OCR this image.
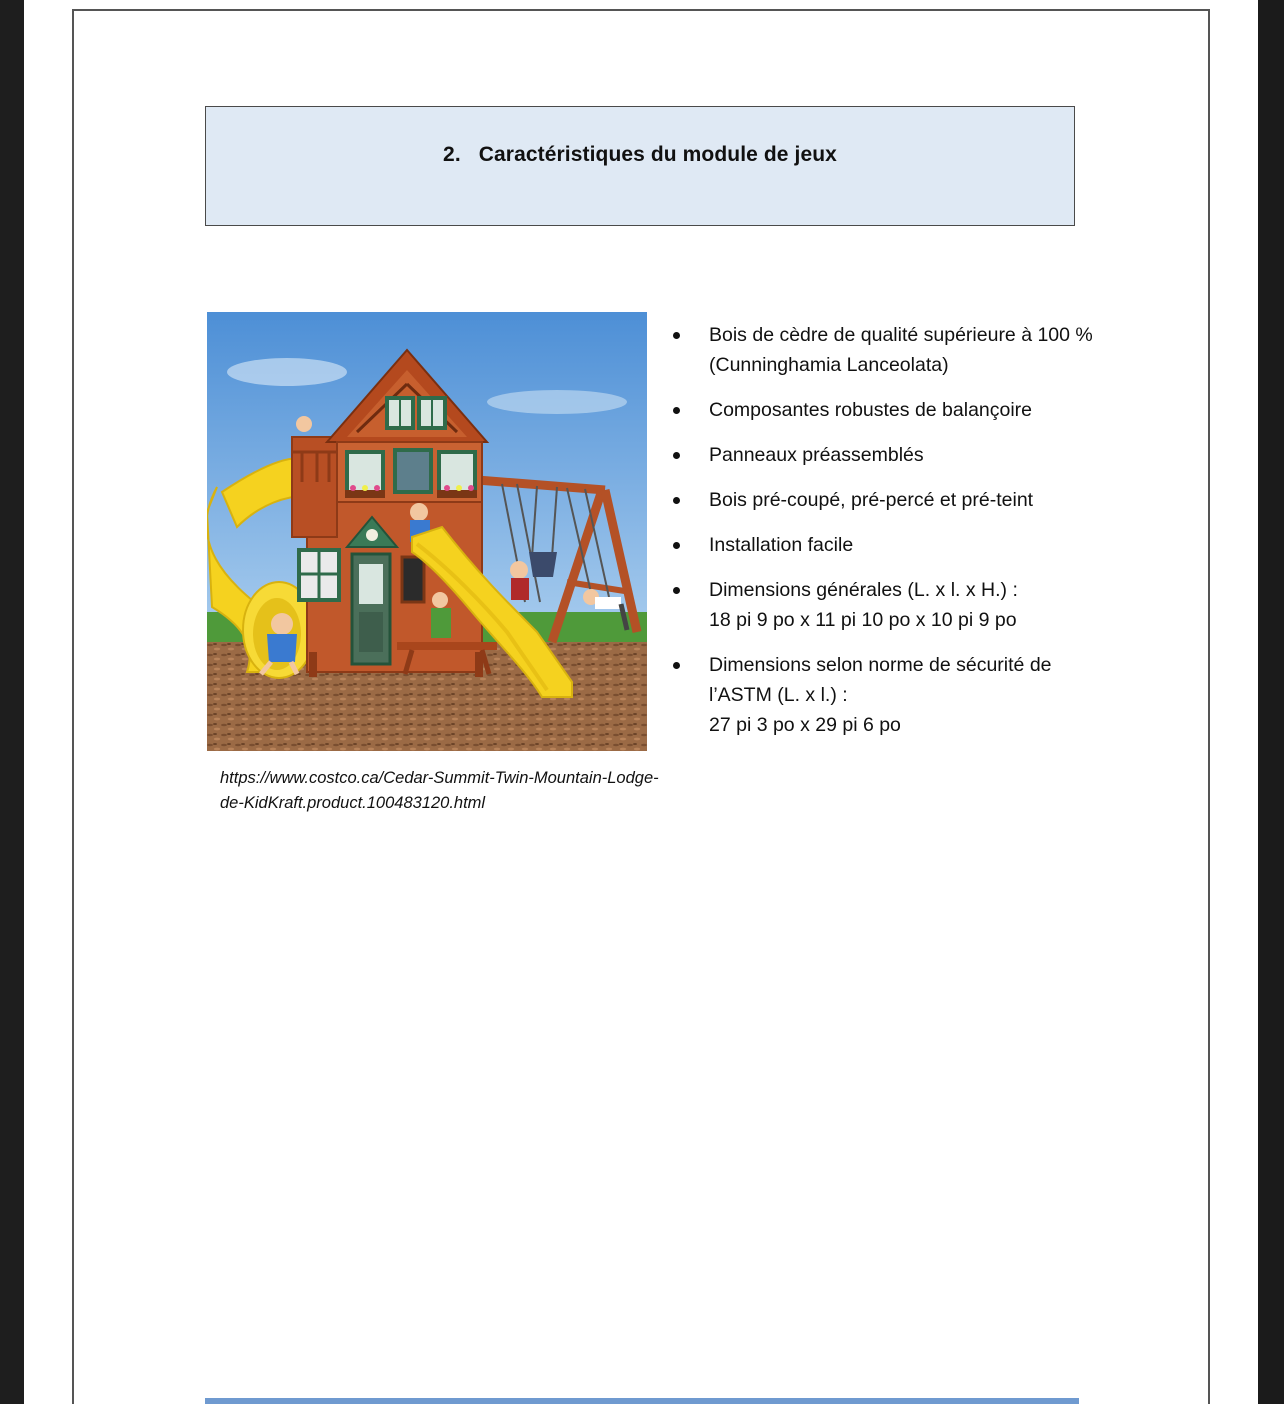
2. Caractéristiques du module de jeux
https://www.costco.ca/Cedar-Summit-Twin-Mountain-Lodge-de-KidKraft.product.100483120.html
Bois de cèdre de qualité supérieure à 100 %
(Cunninghamia Lanceolata)
Composantes robustes de balançoire
Panneaux préassemblés
Bois pré-coupé, pré-percé et pré-teint
Installation facile
Dimensions générales (L. x l. x H.) :
18 pi 9 po x 11 pi 10 po x 10 pi 9 po
Dimensions selon norme de sécurité de
l’ASTM (L. x l.) :
27 pi 3 po x 29 pi 6 po
